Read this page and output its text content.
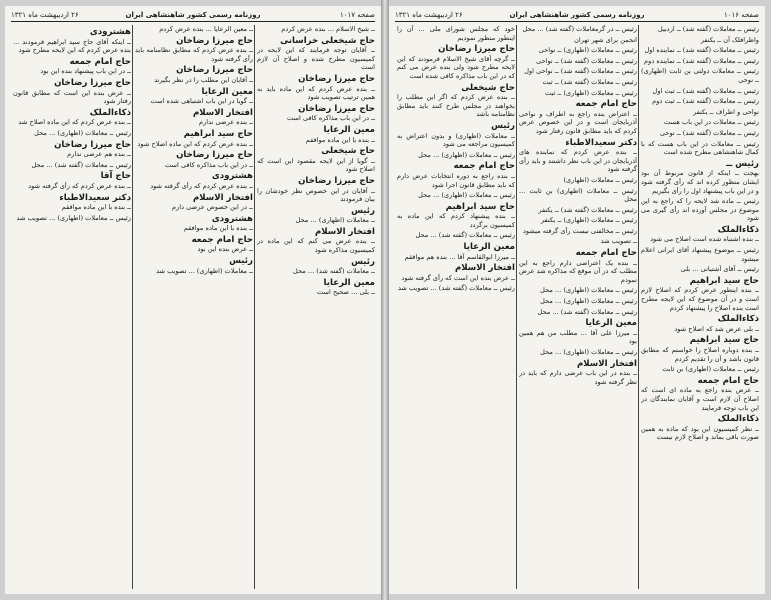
صفحه ۱۰۱۷
روزنامه رسمی کشور شاهنشاهی ایران
۲۶ اردیبهشت ماه ۱۳۲۱

ــ شیخ الاسلام ... بنده عرض کردم

حاج شیخعلی خراسانی

ــ آقایان توجه فرمایند که این لایحه در کمیسیون مطرح شده و اصلاح آن لازم است

حاج میرزا رضاخان

ــ بنده عرض کردم که این ماده باید به همین ترتیب تصویب شود

حاج میرزا رضاخان

ــ در این باب مذاکره کافی است

معین الرعایا

ــ بنده با این ماده موافقم

حاج شیخعلی

ــ گویا از این لایحه مقصود این است که اصلاح شود

حاج میرزا رضاخان

ــ آقایان در این خصوص نظر خودشان را بیان فرمودند

رئیس

ــ معاملات (اظهاری) ... محل

افتخار الاسلام

ــ بنده عرض می کنم که این ماده در کمیسیون مذاکره شود

رئیس

ــ معاملات (گفته شد) ... محل

معین الرعایا

ــ بلی ... صحیح است

ــ معین الرعایا ... بنده عرض کردم

حاج میرزا رضاخان

ــ بنده عرض کردم که مطابق نظامنامه باید رأی گرفته شود

حاج میرزا رضاخان

ــ آقایان این مطلب را در نظر بگیرند

معین الرعایا

ــ گویا در این باب اشتباهی شده است

افتخار الاسلام

ــ بنده عرضی ندارم

حاج سید ابراهیم

ــ بنده عرض کردم که این ماده اصلاح شود

حاج میرزا رضاخان

ــ در این باب مذاکره کافی است

هشترودی

ــ بنده عرض کردم که رأی گرفته شود

افتخار الاسلام

ــ در این خصوص عرضی دارم

هشترودی

ــ بنده با این ماده موافقم

حاج امام جمعه

ــ عرض بنده این بود

رئیس

ــ معاملات (اظهاری) ... تصویب شد

هشترودی

ــ اینکه آقای حاج سید ابراهیم فرمودند ... بنده عرض کردم که این لایحه مطرح شود

حاج امام جمعه

ــ در این باب پیشنهاد بنده این بود

حاج میرزا رضاخان

ــ عرض بنده این است که مطابق قانون رفتار شود

ذکاءالملک

ــ بنده عرض کردم که این ماده اصلاح شد

رئیس ــ معاملات (اظهاری) ... محل

حاج میرزا رضاخان

ــ بنده هم عرضی ندارم

رئیس ــ معاملات (گفته شد) ... محل

حاج آقا

ــ بنده عرض کردم که رأی گرفته شود

دکتر سعیدالاطباء

ــ بنده با این ماده موافقم

رئیس ــ معاملات (اظهاری) ... تصویب شد

صفحه ۱۰۱۶
روزنامه رسمی کشور شاهنشاهی ایران
۲۶ اردیبهشت ماه ۱۳۲۱

رئیس ــ معاملات (گفته شد) ــ اردبیل

واظرافلک آن ــ یکنفر

رئیس ــ معاملات (گفته شد) ــ نماینده اول

رئیس ــ معاملات (گفته شد) ــ نماینده دوم

رئیس ــ معاملات دولتی بن ثابت (اظهاری) ــ نوحی

رئیس ــ معاملات (گفته شد) ــ ثبت اول

رئیس ــ معاملات (گفته شد) ــ ثبت دوم

نواحی و اطراف ــ یکنفر

رئیس ــ معاملات در این باب هست

رئیس ــ معاملات (گفته شد) ــ نوحی

رئیس ــ معاملات در این باب هست که با کمال شاهنشاهی مطرح شده است

رئیس ــ

بهجت ــ اینکه از قانون مربوط آن بود ایشان منظور کرده اند که رأی گرفته شود و در این باب پیشنهاد اول را رأی بگیریم

رئیس ــ ماده شد لایحه را که راجع به این موضوع در مجلس آورده اند رأی گیری می شود

ذکاءالملک

ــ بنده اشتباه شده است اصلاح می شود

رئیس ــ موضوع پیشنهاد آقای ایرانی اعلام میشود

رئیس ــ آقای آشتیانی ... بلی

حاج سید ابراهیم

ــ بنده اینطور عرض کردم که اصلاح لازم است و در آن موضوع که این لایحه مطرح است بنده اصلاح را پیشنهاد کردم

ذکاءالملک

ــ بلی عرض شد که اصلاح شود

حاج سید ابراهیم

ــ بنده دوباره اصلاح را خواستم که مطابق قانون باشد و آن را تقدیم کردم

رئیس ــ معاملات (اظهاری) بن ثابت

حاج امام جمعه

ــ عرض بنده راجع به ماده ای است که اصلاح آن لازم است و آقایان نمایندگان در این باب توجه فرمایند

ذکاءالملک

ــ نظر کمیسیون این بود که ماده به همین صورت باقی بماند و اصلاح لازم نیست

رئیس ــ در گرمعاملات (گفته شد) ... محل

انجمن برای شهر تهران

رئیس ــ معاملات (اظهاری) ــ نواحی

رئیس ــ معاملات (گفته شد) ــ نواحی

رئیس ــ معاملات (گفته شد) ــ نواحی اول

رئیس ــ معاملات (گفته شد) ــ ثبت

رئیس ــ معاملات (اظهاری) ــ ثبت

حاج امام جمعه

ــ اعتراض بنده راجع به اطراف و نواحی آذربایجان است و در این خصوص عرض کردم که باید مطابق قانون رفتار شود

دکتر سعیدالاطباء

ــ بنده عرض کردم که نماینده های آذربایجان در این باب نظر داشتند و باید رأی گرفته شود

رئیس ــ معاملات (اظهاری)

رئیس ــ معاملات (اظهاری) بن ثابت ... محل

رئیس ــ معاملات (گفته شد) ــ یکنفر

رئیس ــ معاملات (اظهاری) ــ یکنفر

رئیس ــ مخالفتی نیست رأی گرفته میشود

ــ تصویب شد

حاج امام جمعه

ــ بنده یک اعتراضی دارم راجع به این مطلب که در آن موقع که مذاکره شد عرض نمودم

رئیس ــ معاملات (اظهاری) ... محل

رئیس ــ معاملات (اظهاری) ... محل

رئیس ــ معاملات (گفته شد) ... محل

معین الرعایا

ــ میرزا علی آقا ... مطلب من هم همین بود

رئیس ــ معاملات (اظهاری) ... محل

افتخار الاسلام

ــ بنده در این باب عرضی دارم که باید در نظر گرفته شود

خود که مجلس شورای ملی ... آن را اینطور منظور نمودیم

حاج میرزا رضاخان

ــ گرچه آقای شیخ الاسلام فرمودند که این لایحه مطرح شود ولی بنده عرض می کنم که در این باب مذاکره کافی شده است

حاج شیخعلی

ــ بنده عرض کردم که اگر این مطلب را بخواهند در مجلس طرح کنند باید مطابق نظامنامه باشد

رئیس

ــ معاملات (اظهاری) و بدون اعتراض به کمیسیون مراجعه می شود

رئیس ــ معاملات (اظهاری) ... محل

حاج امام جمعه

ــ بنده راجع به دوره انتخابات عرض دارم که باید مطابق قانون اجرا شود

رئیس ــ معاملات (اظهاری) ... محل

حاج سید ابراهیم

ــ بنده پیشنهاد کردم که این ماده به کمیسیون برگردد

رئیس ــ معاملات (گفته شد) ... محل

معین الرعایا

ــ میرزا ابوالقاسم آقا ... بنده هم موافقم

افتخار الاسلام

ــ عرض بنده این است که رأی گرفته شود

رئیس ــ معاملات (گفته شد) ... تصویب شد
